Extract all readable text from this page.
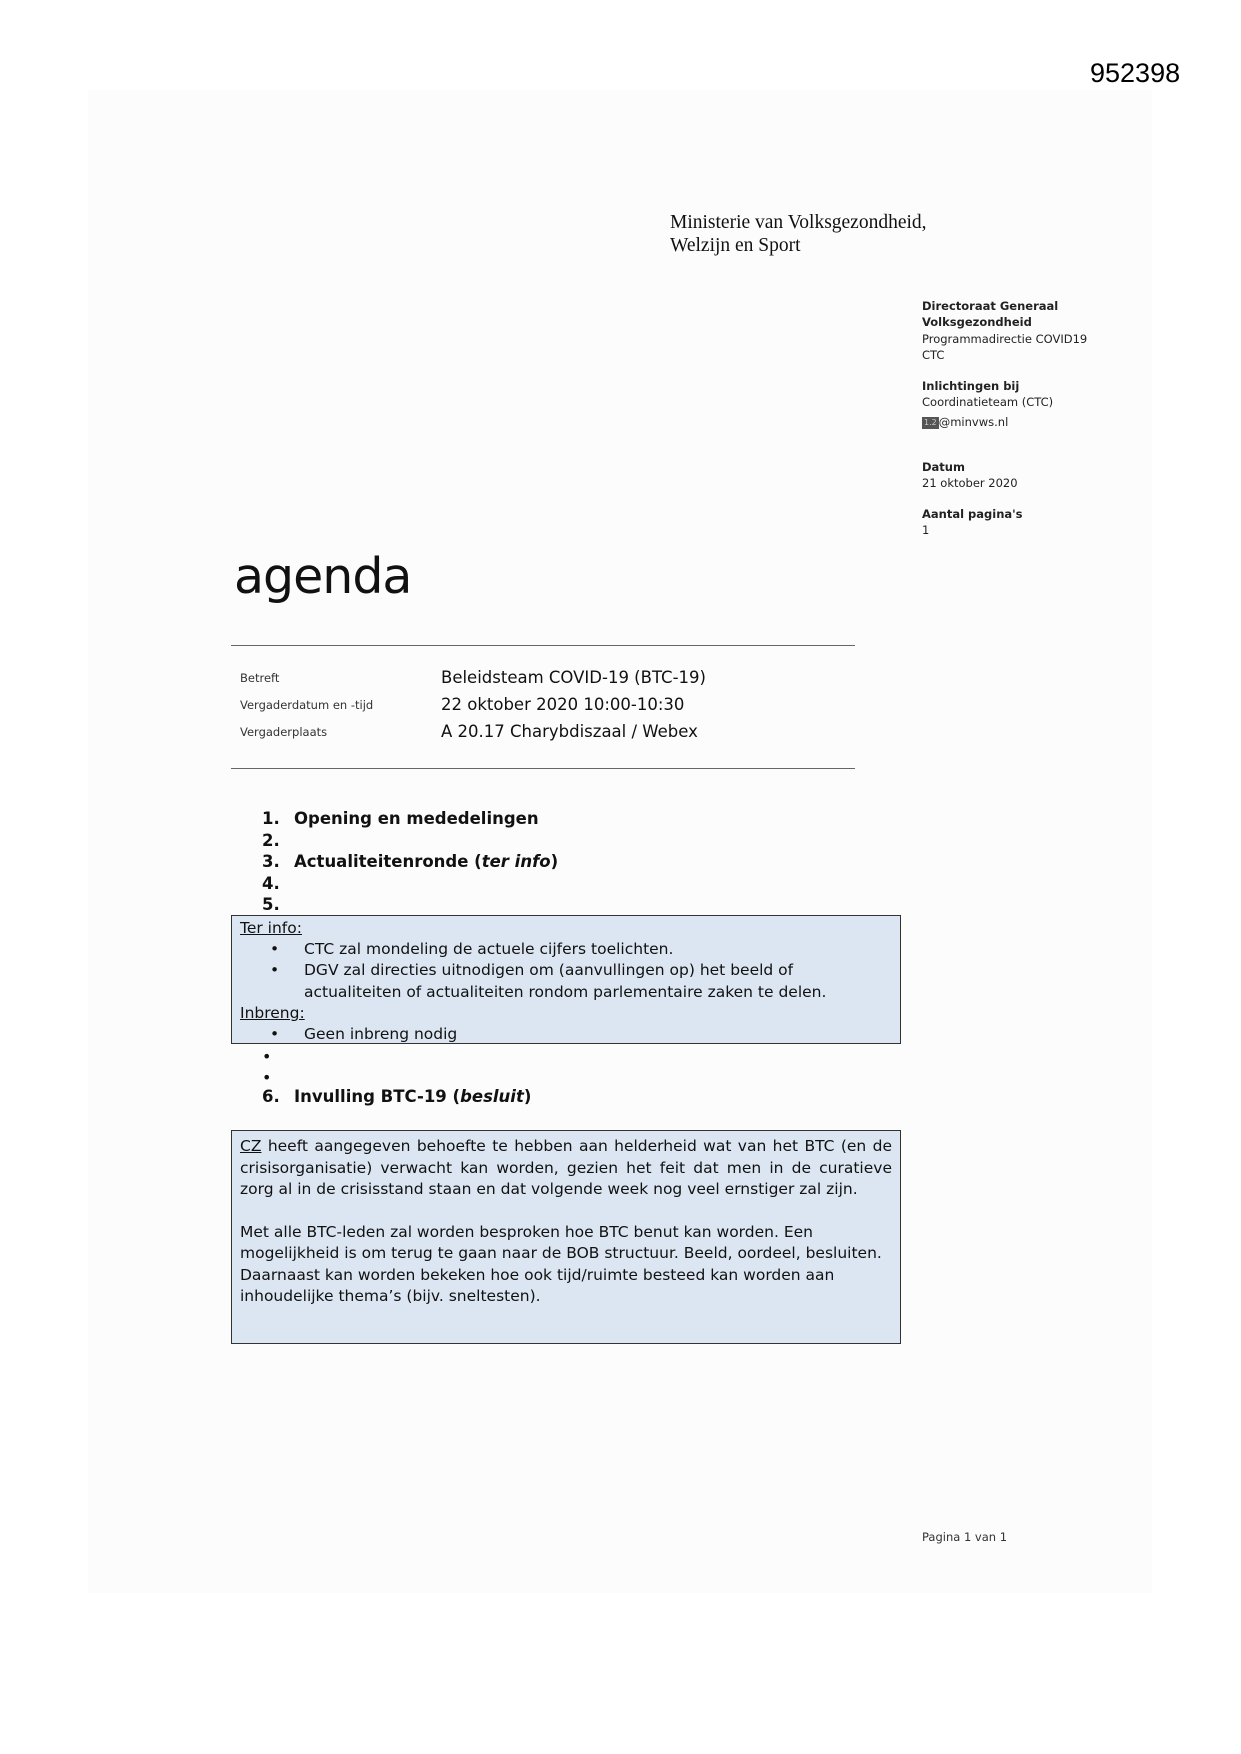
952398
Ministerie van Volksgezondheid,
Welzijn en Sport
Directoraat Generaal
Volksgezondheid
Programmadirectie COVID19
CTC
Inlichtingen bij
Coordinatieteam (CTC)
1.2 @minvws.nl
Datum
21 oktober 2020
Aantal pagina's
1
agenda
Betreft	Beleidsteam COVID-19 (BTC-19)
Vergaderdatum en -tijd	22 oktober 2020 10:00-10:30
Vergaderplaats	A 20.17 Charybdiszaal / Webex
1. Opening en mededelingen
2.
3. Actualiteitenronde (ter info)
4.
5.
Ter info:
•	CTC zal mondeling de actuele cijfers toelichten.
•	DGV zal directies uitnodigen om (aanvullingen op) het beeld of actualiteiten of actualiteiten rondom parlementaire zaken te delen.
Inbreng:
•	Geen inbreng nodig
•
•
6. Invulling BTC-19 (besluit)
CZ heeft aangegeven behoefte te hebben aan helderheid wat van het BTC (en de crisisorganisatie) verwacht kan worden, gezien het feit dat men in de curatieve zorg al in de crisisstand staan en dat volgende week nog veel ernstiger zal zijn.
Met alle BTC-leden zal worden besproken hoe BTC benut kan worden. Een mogelijkheid is om terug te gaan naar de BOB structuur. Beeld, oordeel, besluiten. Daarnaast kan worden bekeken hoe ook tijd/ruimte besteed kan worden aan inhoudelijke thema’s (bijv. sneltesten).
Pagina 1 van 1
